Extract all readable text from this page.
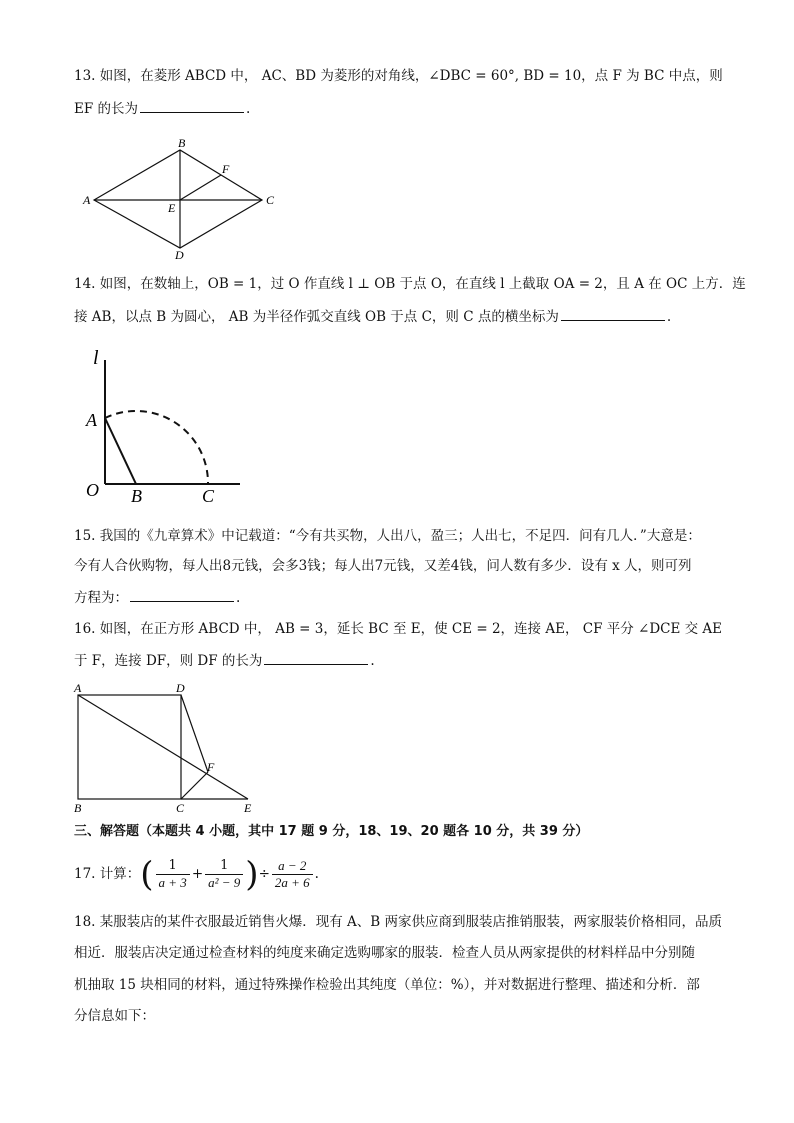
13. 如图，在菱形 ABCD 中， AC、BD 为菱形的对角线，∠DBC = 60°, BD = 10，点 F 为 BC 中点，则
EF 的长为	.
A
B
F
C
E
D
14. 如图，在数轴上，OB = 1，过 O 作直线 l ⊥ OB 于点 O，在直线 l 上截取 OA = 2，且 A 在 OC 上方．连
接 AB，以点 B 为圆心， AB 为半径作弧交直线 OB 于点 C，则 C 点的横坐标为	.
l
A
O B	C
15. 我国的《九章算术》中记载道：“今有共买物，人出八，盈三；人出七，不足四．问有几人．”大意是：
今有人合伙购物，每人出8元钱，会多3钱；每人出7元钱，又差4钱，问人数有多少．设有 x 人，则可列
方程为：	.
16. 如图，在正方形 ABCD 中， AB = 3，延长 BC 至 E，使 CE = 2，连接 AE， CF 平分 ∠DCE 交 AE
于 F，连接 DF，则 DF 的长为	.
A	D
F
B	C	E
三、解答题（本题共 4 小题，其中 17 题 9 分，18、19、20 题各 10 分，共 39 分）
17. 计算：( $\frac{1}{a + 3} + \frac{1}{\text{a² − 9}}$ )÷ $\frac{a - 2}{2a + 6}$ .
18. 某服装店的某件衣服最近销售火爆．现有 A、B 两家供应商到服装店推销服装，两家服装价格相同，品质
相近．服装店决定通过检查材料的纯度来确定选购哪家的服装．检查人员从两家提供的材料样品中分别随
机抽取 15 块相同的材料，通过特殊操作检验出其纯度（单位：%），并对数据进行整理、描述和分析．部
分信息如下：
